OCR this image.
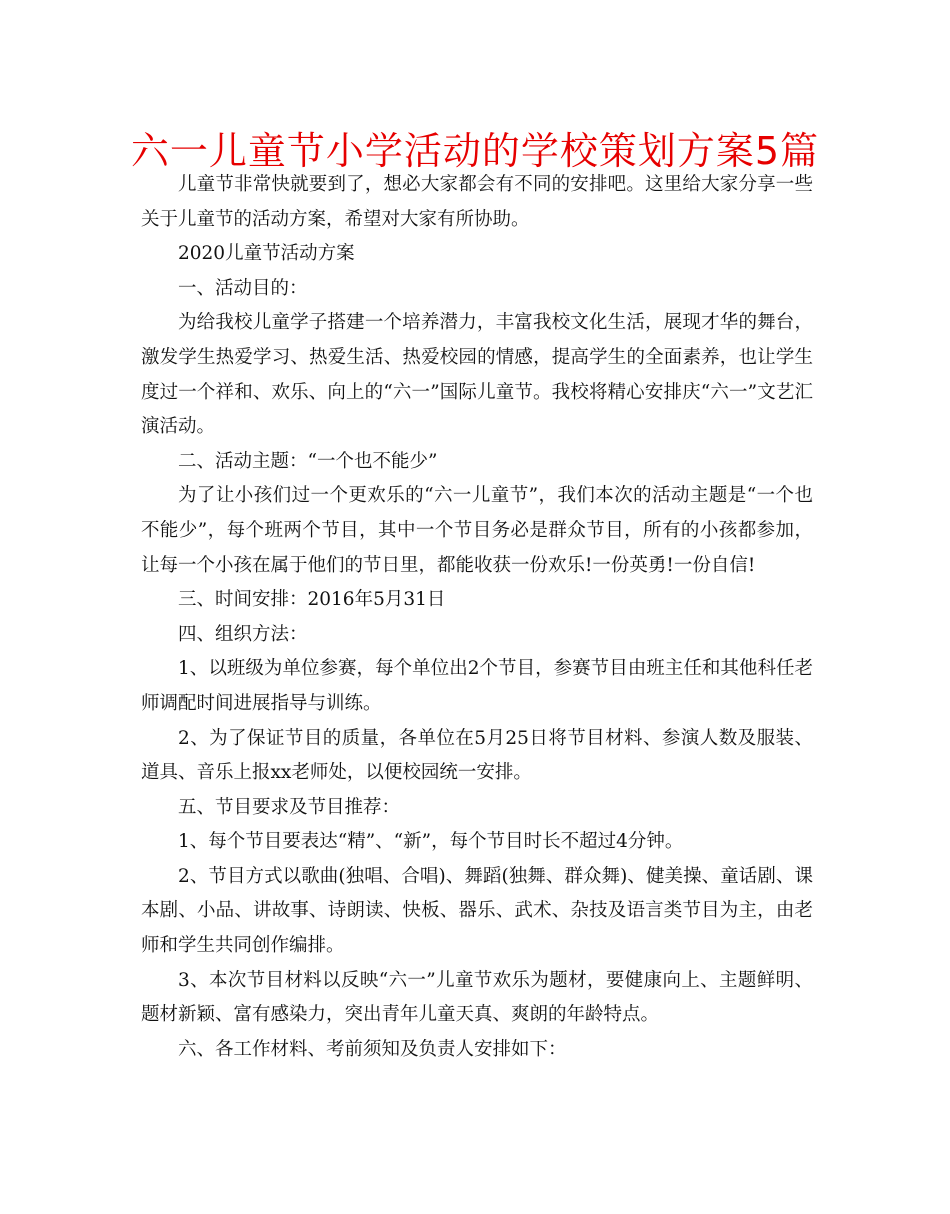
六一儿童节小学活动的学校策划方案5篇

儿童节非常快就要到了，想必大家都会有不同的安排吧。这里给大家分享一些关于儿童节的活动方案，希望对大家有所协助。

2020儿童节活动方案

一、活动目的：

为给我校儿童学子搭建一个培养潜力，丰富我校文化生活，展现才华的舞台，激发学生热爱学习、热爱生活、热爱校园的情感，提高学生的全面素养，也让学生度过一个祥和、欢乐、向上的“六一”国际儿童节。我校将精心安排庆“六一”文艺汇演活动。

二、活动主题：“一个也不能少”

为了让小孩们过一个更欢乐的“六一儿童节”，我们本次的活动主题是“一个也不能少”，每个班两个节目，其中一个节目务必是群众节目，所有的小孩都参加，让每一个小孩在属于他们的节日里，都能收获一份欢乐!一份英勇!一份自信!

三、时间安排：2016年5月31日

四、组织方法：

1、以班级为单位参赛，每个单位出2个节目，参赛节目由班主任和其他科任老师调配时间进展指导与训练。

2、为了保证节目的质量，各单位在5月25日将节目材料、参演人数及服装、道具、音乐上报xx老师处，以便校园统一安排。

五、节目要求及节目推荐：

1、每个节目要表达“精”、“新”，每个节目时长不超过4分钟。

2、节目方式以歌曲(独唱、合唱)、舞蹈(独舞、群众舞)、健美操、童话剧、课本剧、小品、讲故事、诗朗读、快板、器乐、武术、杂技及语言类节目为主，由老师和学生共同创作编排。

3、本次节目材料以反映“六一”儿童节欢乐为题材，要健康向上、主题鲜明、题材新颖、富有感染力，突出青年儿童天真、爽朗的年龄特点。

六、各工作材料、考前须知及负责人安排如下：
